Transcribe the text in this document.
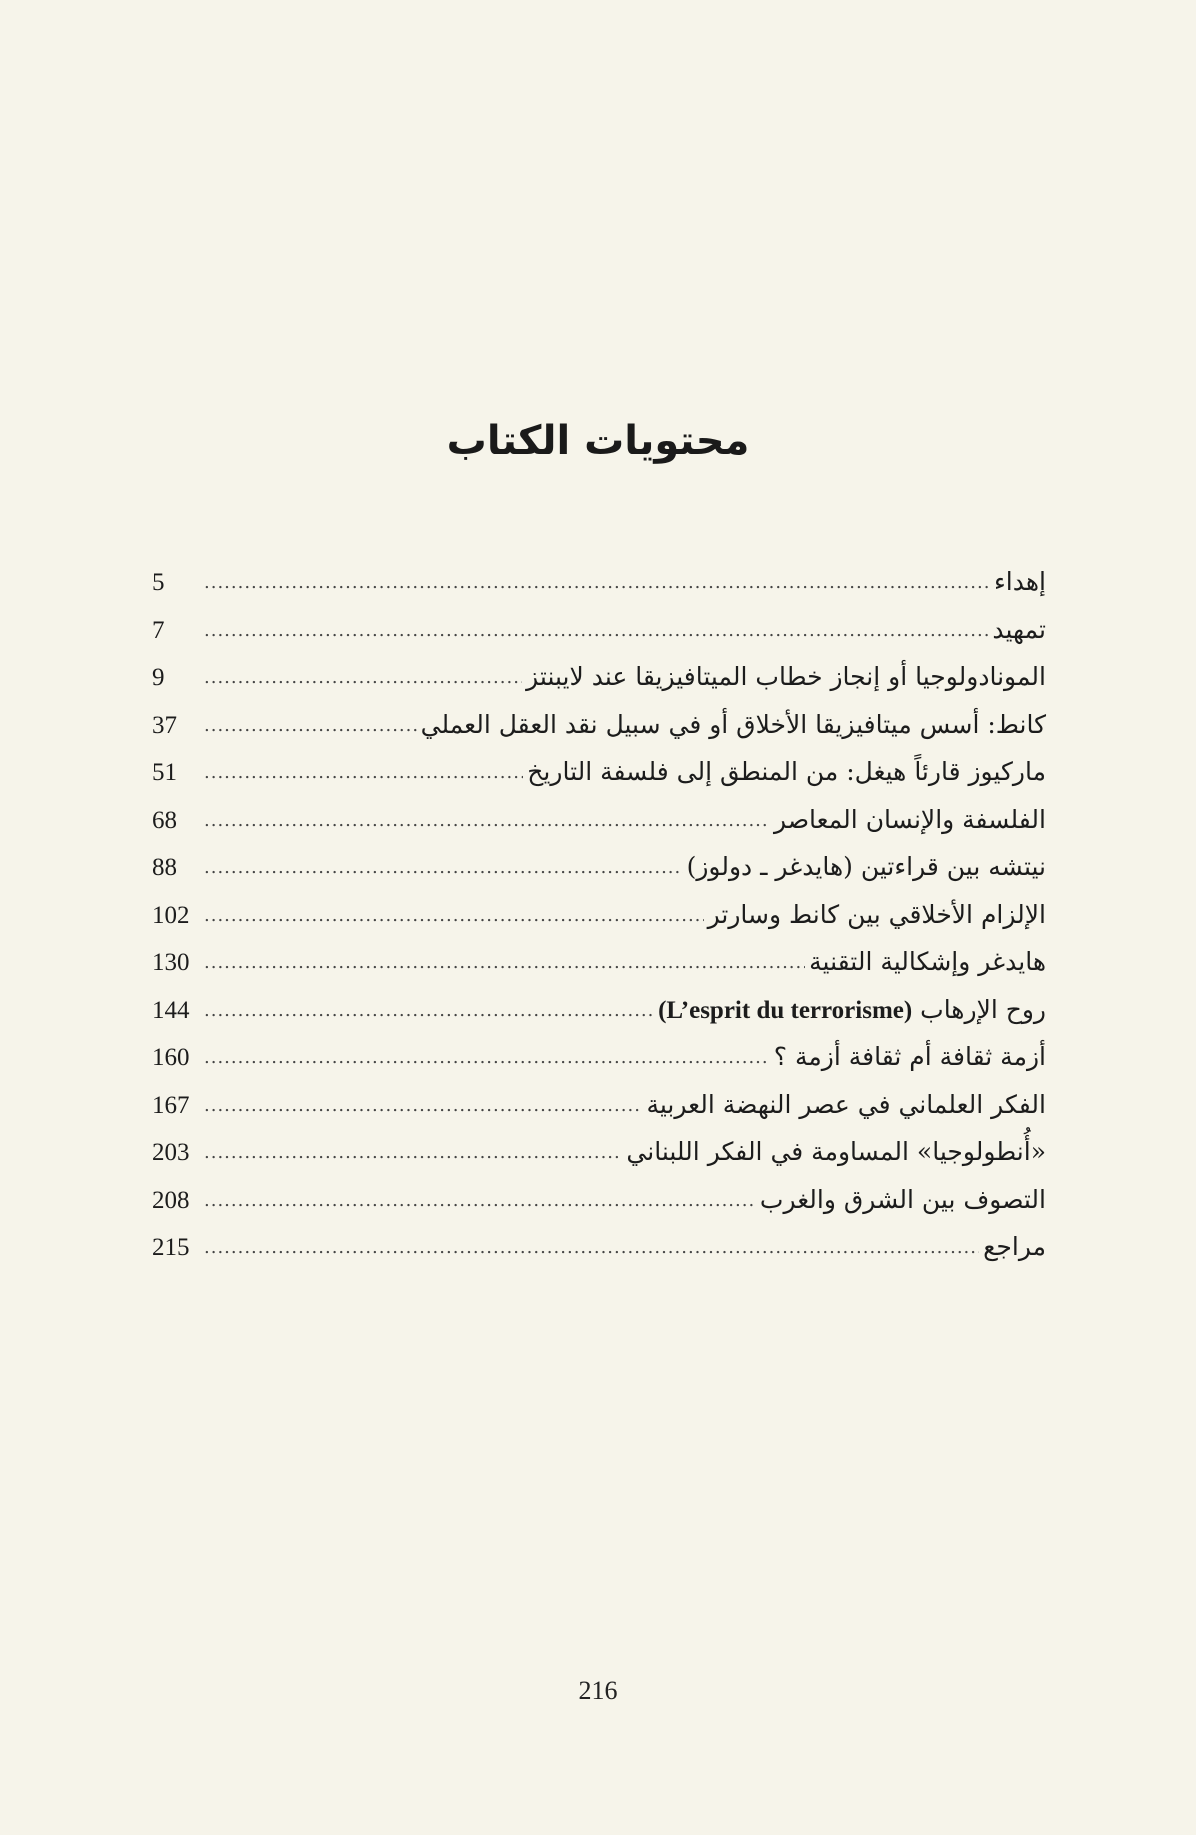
محتويات الكتاب
إهداء
.....
5
تمهيد
.....
7
المونادولوجيا أو إنجاز خطاب الميتافيزيقا عند لايبنتز
.....
9
كانط: أسس ميتافيزيقا الأخلاق أو في سبيل نقد العقل العملي
.....
37
ماركيوز قارئاً هيغل: من المنطق إلى فلسفة التاريخ
.....
51
الفلسفة والإنسان المعاصر
.....
68
نيتشه بين قراءتين (هايدغر ـ دولوز)
.....
88
الإلزام الأخلاقي بين كانط وسارتر
.....
102
هايدغر وإشكالية التقنية
.....
130
روح الإرهاب (L’esprit du terrorisme)
.....
144
أزمة ثقافة أم ثقافة أزمة ؟
.....
160
الفكر العلماني في عصر النهضة العربية
.....
167
«أُنطولوجيا» المساومة في الفكر اللبناني
.....
203
التصوف بين الشرق والغرب
.....
208
مراجع
.....
215
216
